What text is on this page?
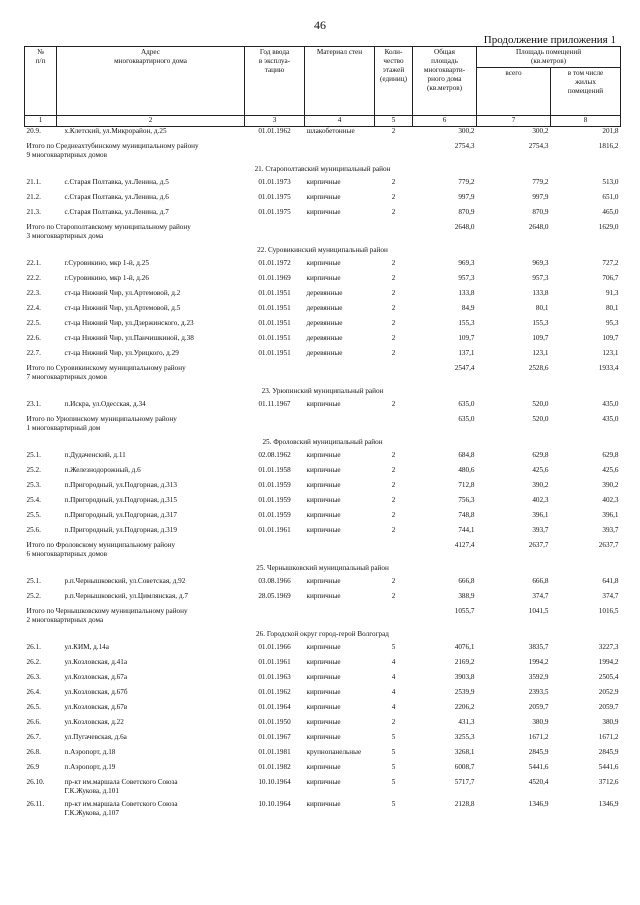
46
Продолжение приложения 1
№
п/п	Адрес
многоквартирного дома	Год ввода
в эксплуа-
тацию	Материал стен	Коли-
чество
этажей
(единиц)	Общая
площадь
многокварти-
рного дома
(кв.метров)	Площадь помещений
(кв.метров)	
						всего	в том числе
жилых
помещений
1	2	3	4	5	6	7	8
20.9.	х.Клетский, ул.Микрорайон, д.25	01.01.1962	шлакобетонные	2	300,2	300,2	201,8
Итого по Среднеахтубинскому муниципальному району
9 многоквартирных домов					2754,3	2754,3	1816,2
21. Старополтавский муниципальный район							
21.1.	с.Старая Полтавка, ул.Ленина, д.5	01.01.1973	кирпичные	2	779,2	779,2	513,0
21.2.	с.Старая Полтавка, ул.Ленина, д.6	01.01.1975	кирпичные	2	997,9	997,9	651,0
21.3.	с.Старая Полтавка, ул.Ленина, д.7	01.01.1975	кирпичные	2	870,9	870,9	465,0
Итого по Старополтавскому муниципальному району
3 многоквартирных дома					2648,0	2648,0	1629,0
22. Суровикинский муниципальный район							
22.1.	г.Суровикино, мкр 1-й, д.25	01.01.1972	кирпичные	2	969,3	969,3	727,2
22.2.	г.Суровикино, мкр 1-й, д.26	01.01.1969	кирпичные	2	957,3	957,3	706,7
22.3.	ст-ца Нижний Чир, ул.Артемовой, д.2	01.01.1951	деревянные	2	133,8	133,8	91,3
22.4.	ст-ца Нижний Чир, ул.Артемовой, д.5	01.01.1951	деревянные	2	84,9	80,1	80,1
22.5.	ст-ца Нижний Чир, ул.Дзержинского, д.23	01.01.1951	деревянные	2	155,3	155,3	95,3
22.6.	ст-ца Нижний Чир, ул.Панчишкиной, д.38	01.01.1951	деревянные	2	109,7	109,7	109,7
22.7.	ст-ца Нижний Чир, ул.Урицкого, д.29	01.01.1951	деревянные	2	137,1	123,1	123,1
Итого по Суровикинскому муниципальному району
7 многоквартирных домов					2547,4	2528,6	1933,4
23. Урюпинский муниципальный район							
23.1.	п.Искра, ул.Одесская, д.34	01.11.1967	кирпичные	2	635,0	520,0	435,0
Итого по Урюпинскому муниципальному району
1 многоквартирный дом					635,0	520,0	435,0
25. Фроловский муниципальный район							
25.1.	п.Дудаченский, д.11	02.08.1962	кирпичные	2	684,8	629,8	629,8
25.2.	п.Железнодорожный, д.6	01.01.1958	кирпичные	2	480,6	425,6	425,6
25.3.	п.Пригородный, ул.Подгорная, д.313	01.01.1959	кирпичные	2	712,8	390,2	390,2
25.4.	п.Пригородный, ул.Подгорная, д.315	01.01.1959	кирпичные	2	756,3	402,3	402,3
25.5.	п.Пригородный, ул.Подгорная, д.317	01.01.1959	кирпичные	2	748,8	396,1	396,1
25.6.	п.Пригородный, ул.Подгорная, д.319	01.01.1961	кирпичные	2	744,1	393,7	393,7
Итого по Фроловскому муниципальному району
6 многоквартирных домов					4127,4	2637,7	2637,7
25. Чернышковский муниципальный район							
25.1.	р.п.Чернышковский, ул.Советская, д.92	03.08.1966	кирпичные	2	666,8	666,8	641,8
25.2.	р.п.Чернышковский, ул.Цимлянская, д.7	28.05.1969	кирпичные	2	388,9	374,7	374,7
Итого по Чернышковскому муниципальному району
2 многоквартирных дома					1055,7	1041,5	1016,5
26. Городской округ город-герой Волгоград							
26.1.	ул.КИМ, д.14а	01.01.1966	кирпичные	5	4076,1	3835,7	3227,3
26.2.	ул.Козловская, д.41а	01.01.1961	кирпичные	4	2169,2	1994,2	1994,2
26.3.	ул.Козловская, д.67а	01.01.1963	кирпичные	4	3903,8	3592,9	2505,4
26.4.	ул.Козловская, д.67б	01.01.1962	кирпичные	4	2539,9	2393,5	2052,9
26.5.	ул.Козловская, д.67в	01.01.1964	кирпичные	4	2206,2	2059,7	2059,7
26.6.	ул.Козловская, д.22	01.01.1950	кирпичные	2	431,3	380,9	380,9
26.7.	ул.Пугачевская, д.6а	01.01.1967	кирпичные	5	3255,3	1671,2	1671,2
26.8.	п.Аэропорт, д.18	01.01.1981	крупнопанельные	5	3268,1	2845,9	2845,9
26.9	п.Аэропорт, д.19	01.01.1982	кирпичные	5	6008,7	5441,6	5441,6
26.10.	пр-кт им.маршала Советского Союза
Г.К.Жукова, д.101	10.10.1964	кирпичные	5	5717,7	4520,4	3712,6
26.11.	пр-кт им.маршала Советского Союза
Г.К.Жукова, д.107	10.10.1964	кирпичные	5	2128,8	1346,9	1346,9
